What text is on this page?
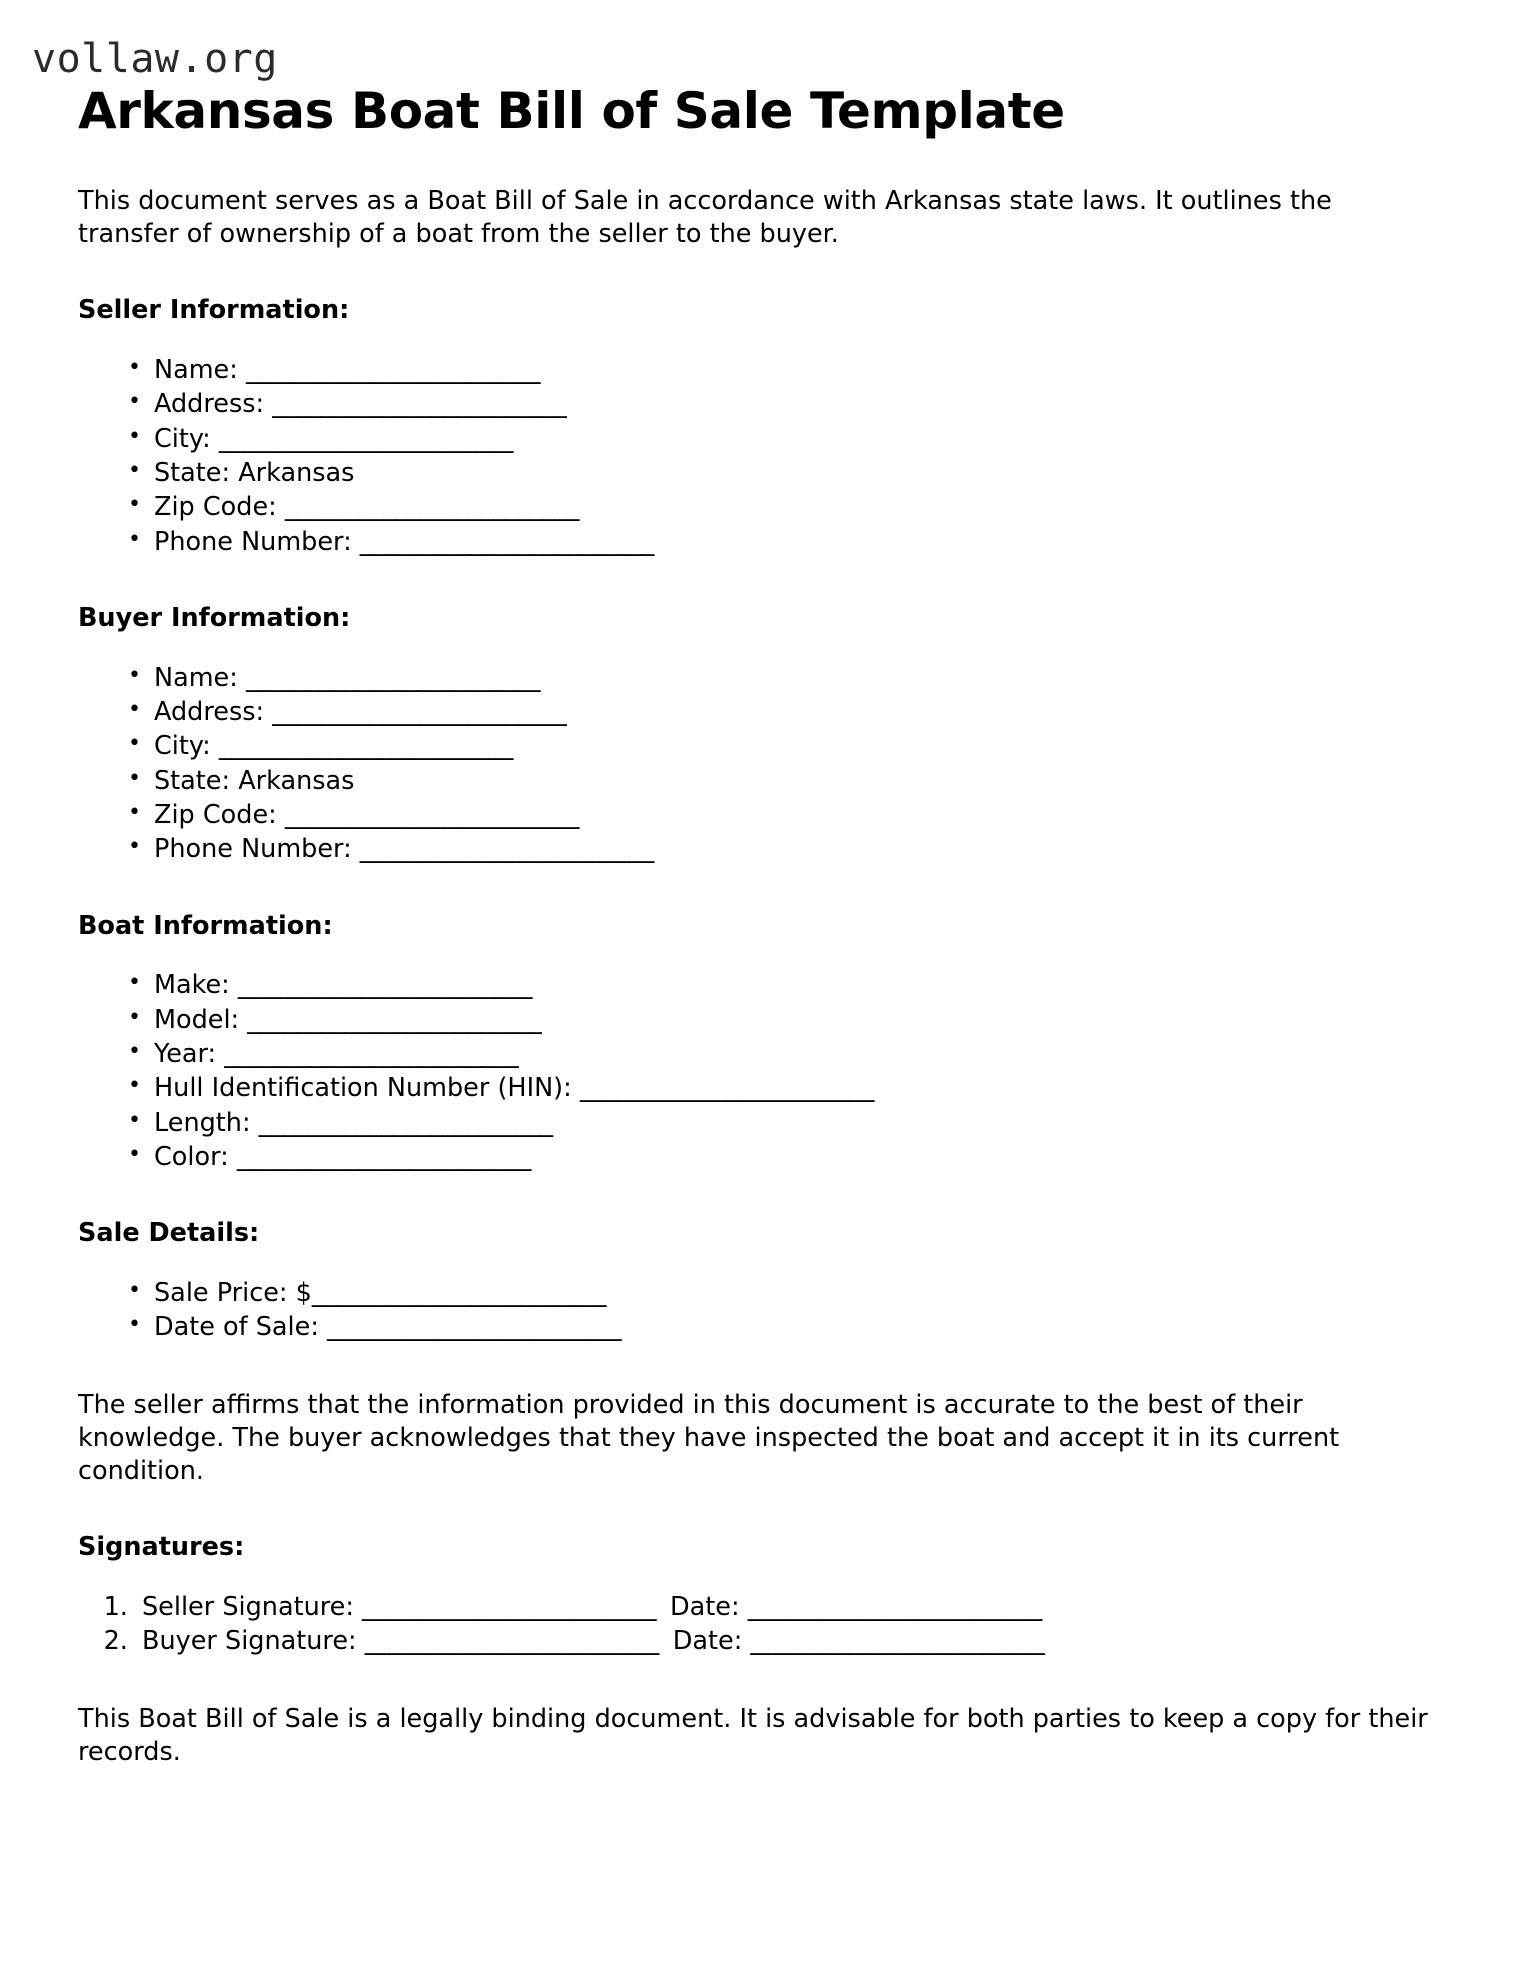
vollaw.org
Arkansas Boat Bill of Sale Template

This document serves as a Boat Bill of Sale in accordance with Arkansas state laws. It outlines the transfer of ownership of a boat from the seller to the buyer.

Seller Information:
• Name: ________________________
• Address: ________________________
• City: ________________________
• State: Arkansas
• Zip Code: ________________________
• Phone Number: ________________________
Buyer Information:
• Name: ________________________
• Address: ________________________
• City: ________________________
• State: Arkansas
• Zip Code: ________________________
• Phone Number: ________________________
Boat Information:
• Make: ________________________
• Model: ________________________
• Year: ________________________
• Hull Identification Number (HIN): ________________________
• Length: ________________________
• Color: ________________________
Sale Details:
• Sale Price: $________________________
• Date of Sale: ________________________

The seller affirms that the information provided in this document is accurate to the best of their knowledge. The buyer acknowledges that they have inspected the boat and accept it in its current condition.

Signatures:
1. Seller Signature: ________________________ Date: ________________________
2. Buyer Signature: ________________________ Date: ________________________

This Boat Bill of Sale is a legally binding document. It is advisable for both parties to keep a copy for their records.
